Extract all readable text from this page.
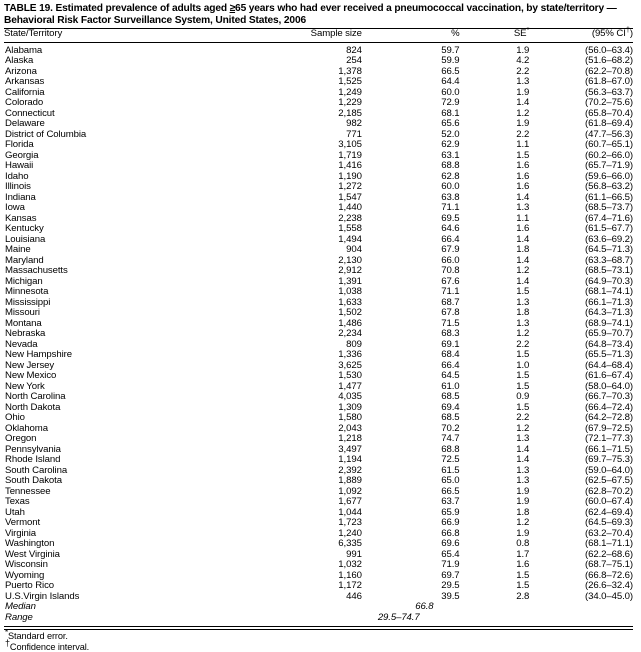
TABLE 19. Estimated prevalence of adults aged ≥65 years who had ever received a pneumococcal vaccination, by state/territory —
Behavioral Risk Factor Surveillance System, United States, 2006
State/Territory	Sample size	%	SE*	(95% CI†)
Alabama	824	59.7	1.9	(56.0–63.4)
Alaska	254	59.9	4.2	(51.6–68.2)
Arizona	1,378	66.5	2.2	(62.2–70.8)
Arkansas	1,525	64.4	1.3	(61.8–67.0)
California	1,249	60.0	1.9	(56.3–63.7)
Colorado	1,229	72.9	1.4	(70.2–75.6)
Connecticut	2,185	68.1	1.2	(65.8–70.4)
Delaware	982	65.6	1.9	(61.8–69.4)
District of Columbia	771	52.0	2.2	(47.7–56.3)
Florida	3,105	62.9	1.1	(60.7–65.1)
Georgia	1,719	63.1	1.5	(60.2–66.0)
Hawaii	1,416	68.8	1.6	(65.7–71.9)
Idaho	1,190	62.8	1.6	(59.6–66.0)
Illinois	1,272	60.0	1.6	(56.8–63.2)
Indiana	1,547	63.8	1.4	(61.1–66.5)
Iowa	1,440	71.1	1.3	(68.5–73.7)
Kansas	2,238	69.5	1.1	(67.4–71.6)
Kentucky	1,558	64.6	1.6	(61.5–67.7)
Louisiana	1,494	66.4	1.4	(63.6–69.2)
Maine	904	67.9	1.8	(64.5–71.3)
Maryland	2,130	66.0	1.4	(63.3–68.7)
Massachusetts	2,912	70.8	1.2	(68.5–73.1)
Michigan	1,391	67.6	1.4	(64.9–70.3)
Minnesota	1,038	71.1	1.5	(68.1–74.1)
Mississippi	1,633	68.7	1.3	(66.1–71.3)
Missouri	1,502	67.8	1.8	(64.3–71.3)
Montana	1,486	71.5	1.3	(68.9–74.1)
Nebraska	2,234	68.3	1.2	(65.9–70.7)
Nevada	809	69.1	2.2	(64.8–73.4)
New Hampshire	1,336	68.4	1.5	(65.5–71.3)
New Jersey	3,625	66.4	1.0	(64.4–68.4)
New Mexico	1,530	64.5	1.5	(61.6–67.4)
New York	1,477	61.0	1.5	(58.0–64.0)
North Carolina	4,035	68.5	0.9	(66.7–70.3)
North Dakota	1,309	69.4	1.5	(66.4–72.4)
Ohio	1,580	68.5	2.2	(64.2–72.8)
Oklahoma	2,043	70.2	1.2	(67.9–72.5)
Oregon	1,218	74.7	1.3	(72.1–77.3)
Pennsylvania	3,497	68.8	1.4	(66.1–71.5)
Rhode Island	1,194	72.5	1.4	(69.7–75.3)
South Carolina	2,392	61.5	1.3	(59.0–64.0)
South Dakota	1,889	65.0	1.3	(62.5–67.5)
Tennessee	1,092	66.5	1.9	(62.8–70.2)
Texas	1,677	63.7	1.9	(60.0–67.4)
Utah	1,044	65.9	1.8	(62.4–69.4)
Vermont	1,723	66.9	1.2	(64.5–69.3)
Virginia	1,240	66.8	1.9	(63.2–70.4)
Washington	6,335	69.6	0.8	(68.1–71.1)
West Virginia	991	65.4	1.7	(62.2–68.6)
Wisconsin	1,032	71.9	1.6	(68.7–75.1)
Wyoming	1,160	69.7	1.5	(66.8–72.6)
Puerto Rico	1,172	29.5	1.5	(26.6–32.4)
U.S.Virgin Islands	446	39.5	2.8	(34.0–45.0)
Median		66.8		
Range		29.5–74.7		
*Standard error.
†Confidence interval.
